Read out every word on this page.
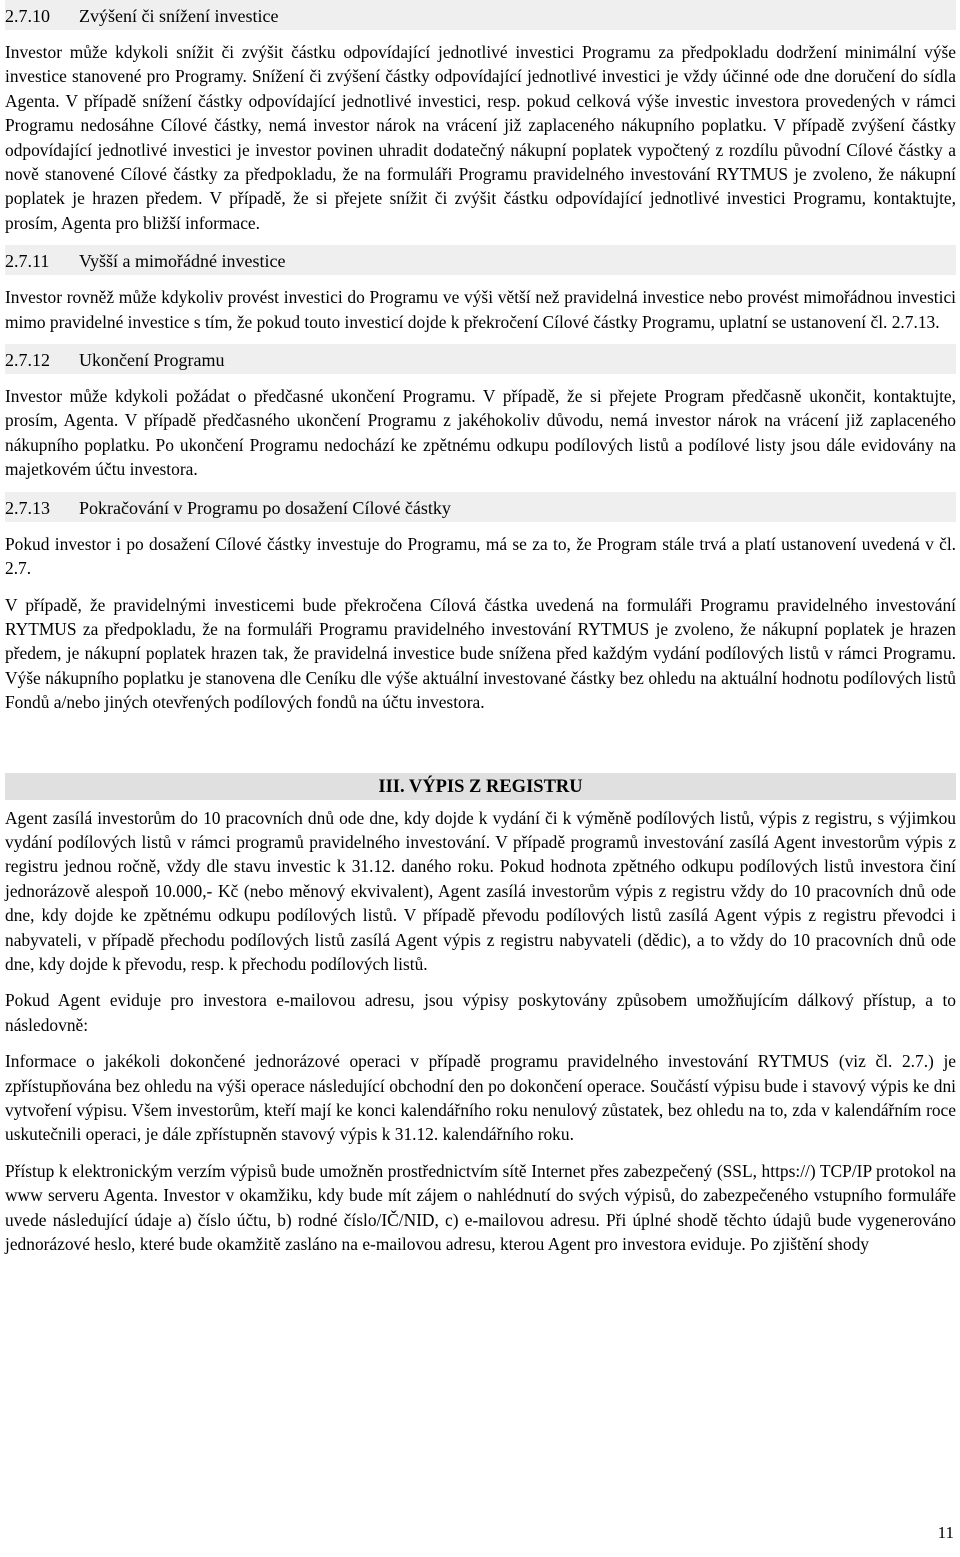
2.7.10 Zvýšení či snížení investice

Investor může kdykoli snížit či zvýšit částku odpovídající jednotlivé investici Programu za předpokladu dodržení minimální výše investice stanovené pro Programy. Snížení či zvýšení částky odpovídající jednotlivé investici je vždy účinné ode dne doručení do sídla Agenta. V případě snížení částky odpovídající jednotlivé investici, resp. pokud celková výše investic investora provedených v rámci Programu nedosáhne Cílové částky, nemá investor nárok na vrácení již zaplaceného nákupního poplatku. V případě zvýšení částky odpovídající jednotlivé investici je investor povinen uhradit dodatečný nákupní poplatek vypočtený z rozdílu původní Cílové částky a nově stanovené Cílové částky za předpokladu, že na formuláři Programu pravidelného investování RYTMUS je zvoleno, že nákupní poplatek je hrazen předem. V případě, že si přejete snížit či zvýšit částku odpovídající jednotlivé investici Programu, kontaktujte, prosím, Agenta pro bližší informace.

2.7.11 Vyšší a mimořádné investice

Investor rovněž může kdykoliv provést investici do Programu ve výši větší než pravidelná investice nebo provést mimořádnou investici mimo pravidelné investice s tím, že pokud touto investicí dojde k překročení Cílové částky Programu, uplatní se ustanovení čl. 2.7.13.

2.7.12 Ukončení Programu

Investor může kdykoli požádat o předčasné ukončení Programu. V případě, že si přejete Program předčasně ukončit, kontaktujte, prosím, Agenta. V případě předčasného ukončení Programu z jakéhokoliv důvodu, nemá investor nárok na vrácení již zaplaceného nákupního poplatku. Po ukončení Programu nedochází ke zpětnému odkupu podílových listů a podílové listy jsou dále evidovány na majetkovém účtu investora.

2.7.13 Pokračování v Programu po dosažení Cílové částky

Pokud investor i po dosažení Cílové částky investuje do Programu, má se za to, že Program stále trvá a platí ustanovení uvedená v čl. 2.7.

V případě, že pravidelnými investicemi bude překročena Cílová částka uvedená na formuláři Programu pravidelného investování RYTMUS za předpokladu, že na formuláři Programu pravidelného investování RYTMUS je zvoleno, že nákupní poplatek je hrazen předem, je nákupní poplatek hrazen tak, že pravidelná investice bude snížena před každým vydání podílových listů v rámci Programu. Výše nákupního poplatku je stanovena dle Ceníku dle výše aktuální investované částky bez ohledu na aktuální hodnotu podílových listů Fondů a/nebo jiných otevřených podílových fondů na účtu investora.

III. VÝPIS Z REGISTRU

Agent zasílá investorům do 10 pracovních dnů ode dne, kdy dojde k vydání či k výměně podílových listů, výpis z registru, s výjimkou vydání podílových listů v rámci programů pravidelného investování. V případě programů investování zasílá Agent investorům výpis z registru jednou ročně, vždy dle stavu investic k 31.12. daného roku. Pokud hodnota zpětného odkupu podílových listů investora činí jednorázově alespoň 10.000,- Kč (nebo měnový ekvivalent), Agent zasílá investorům výpis z registru vždy do 10 pracovních dnů ode dne, kdy dojde ke zpětnému odkupu podílových listů. V případě převodu podílových listů zasílá Agent výpis z registru převodci i nabyvateli, v případě přechodu podílových listů zasílá Agent výpis z registru nabyvateli (dědic), a to vždy do 10 pracovních dnů ode dne, kdy dojde k převodu, resp. k přechodu podílových listů.

Pokud Agent eviduje pro investora e-mailovou adresu, jsou výpisy poskytovány způsobem umožňujícím dálkový přístup, a to následovně:

Informace o jakékoli dokončené jednorázové operaci v případě programu pravidelného investování RYTMUS (viz čl. 2.7.) je zpřístupňována bez ohledu na výši operace následující obchodní den po dokončení operace. Součástí výpisu bude i stavový výpis ke dni vytvoření výpisu. Všem investorům, kteří mají ke konci kalendářního roku nenulový zůstatek, bez ohledu na to, zda v kalendářním roce uskutečnili operaci, je dále zpřístupněn stavový výpis k 31.12. kalendářního roku.

Přístup k elektronickým verzím výpisů bude umožněn prostřednictvím sítě Internet přes zabezpečený (SSL, https://) TCP/IP protokol na www serveru Agenta. Investor v okamžiku, kdy bude mít zájem o nahlédnutí do svých výpisů, do zabezpečeného vstupního formuláře uvede následující údaje a) číslo účtu, b) rodné číslo/IČ/NID, c) e-mailovou adresu. Při úplné shodě těchto údajů bude vygenerováno jednorázové heslo, které bude okamžitě zasláno na e-mailovou adresu, kterou Agent pro investora eviduje. Po zjištění shody

11
